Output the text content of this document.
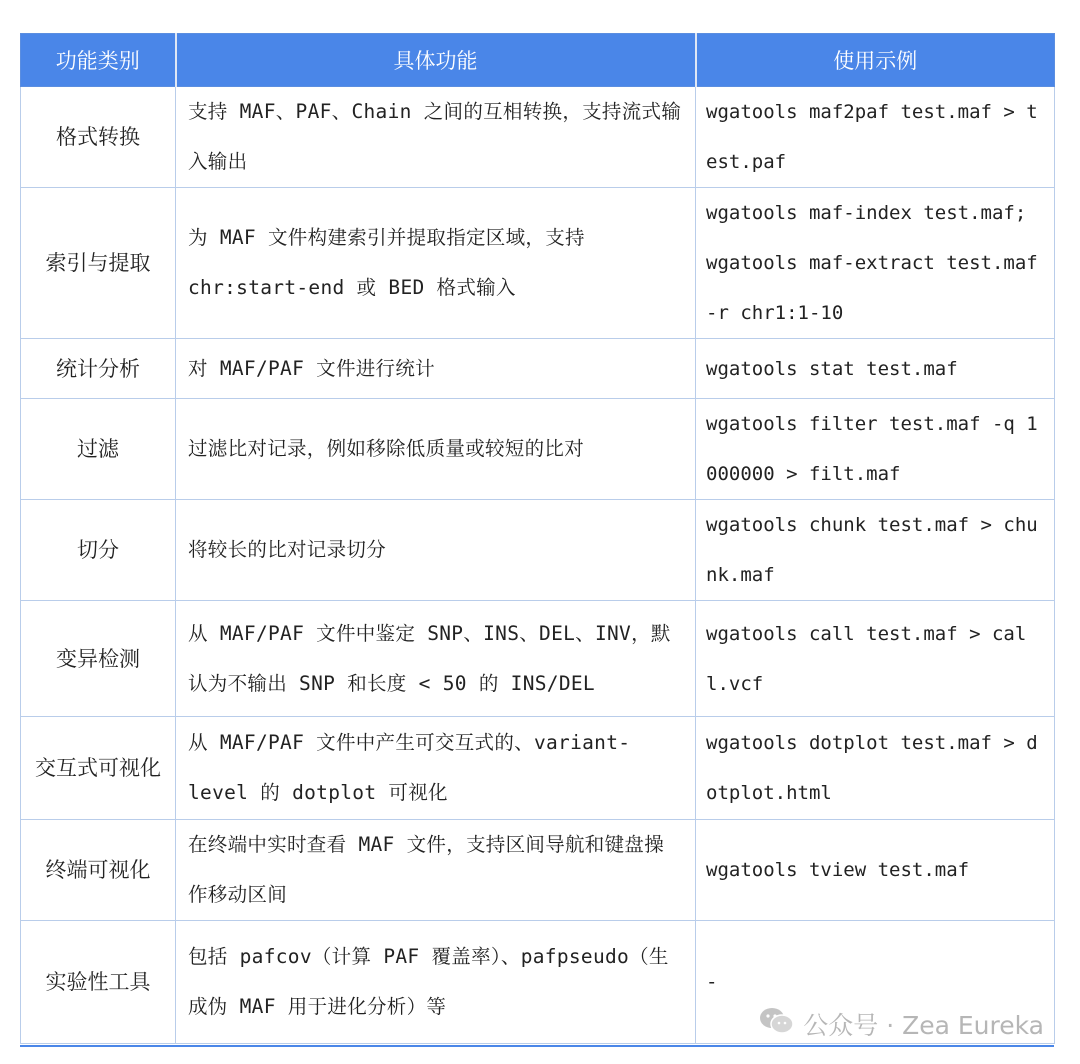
功能类别	具体功能	使用示例
格式转换	支持 MAF、PAF、Chain 之间的互相转换，支持流式输入输出	wgatools maf2paf test.maf > test.paf
索引与提取	为 MAF 文件构建索引并提取指定区域，支持 chr:start-end 或 BED 格式输入	wgatools maf-index test.maf; wgatools maf-extract test.maf -r chr1:1-10
统计分析	对 MAF/PAF 文件进行统计	wgatools stat test.maf
过滤	过滤比对记录，例如移除低质量或较短的比对	wgatools filter test.maf -q 1000000 > filt.maf
切分	将较长的比对记录切分	wgatools chunk test.maf > chunk.maf
变异检测	从 MAF/PAF 文件中鉴定 SNP、INS、DEL、INV，默认为不输出 SNP 和长度 < 50 的 INS/DEL	wgatools call test.maf > call.vcf
交互式可视化	从 MAF/PAF 文件中产生可交互式的、variant-level 的 dotplot 可视化	wgatools dotplot test.maf > dotplot.html
终端可视化	在终端中实时查看 MAF 文件，支持区间导航和键盘操作移动区间	wgatools tview test.maf
实验性工具	包括 pafcov（计算 PAF 覆盖率）、pafpseudo（生成伪 MAF 用于进化分析）等	-
公众号 · Zea Eureka
